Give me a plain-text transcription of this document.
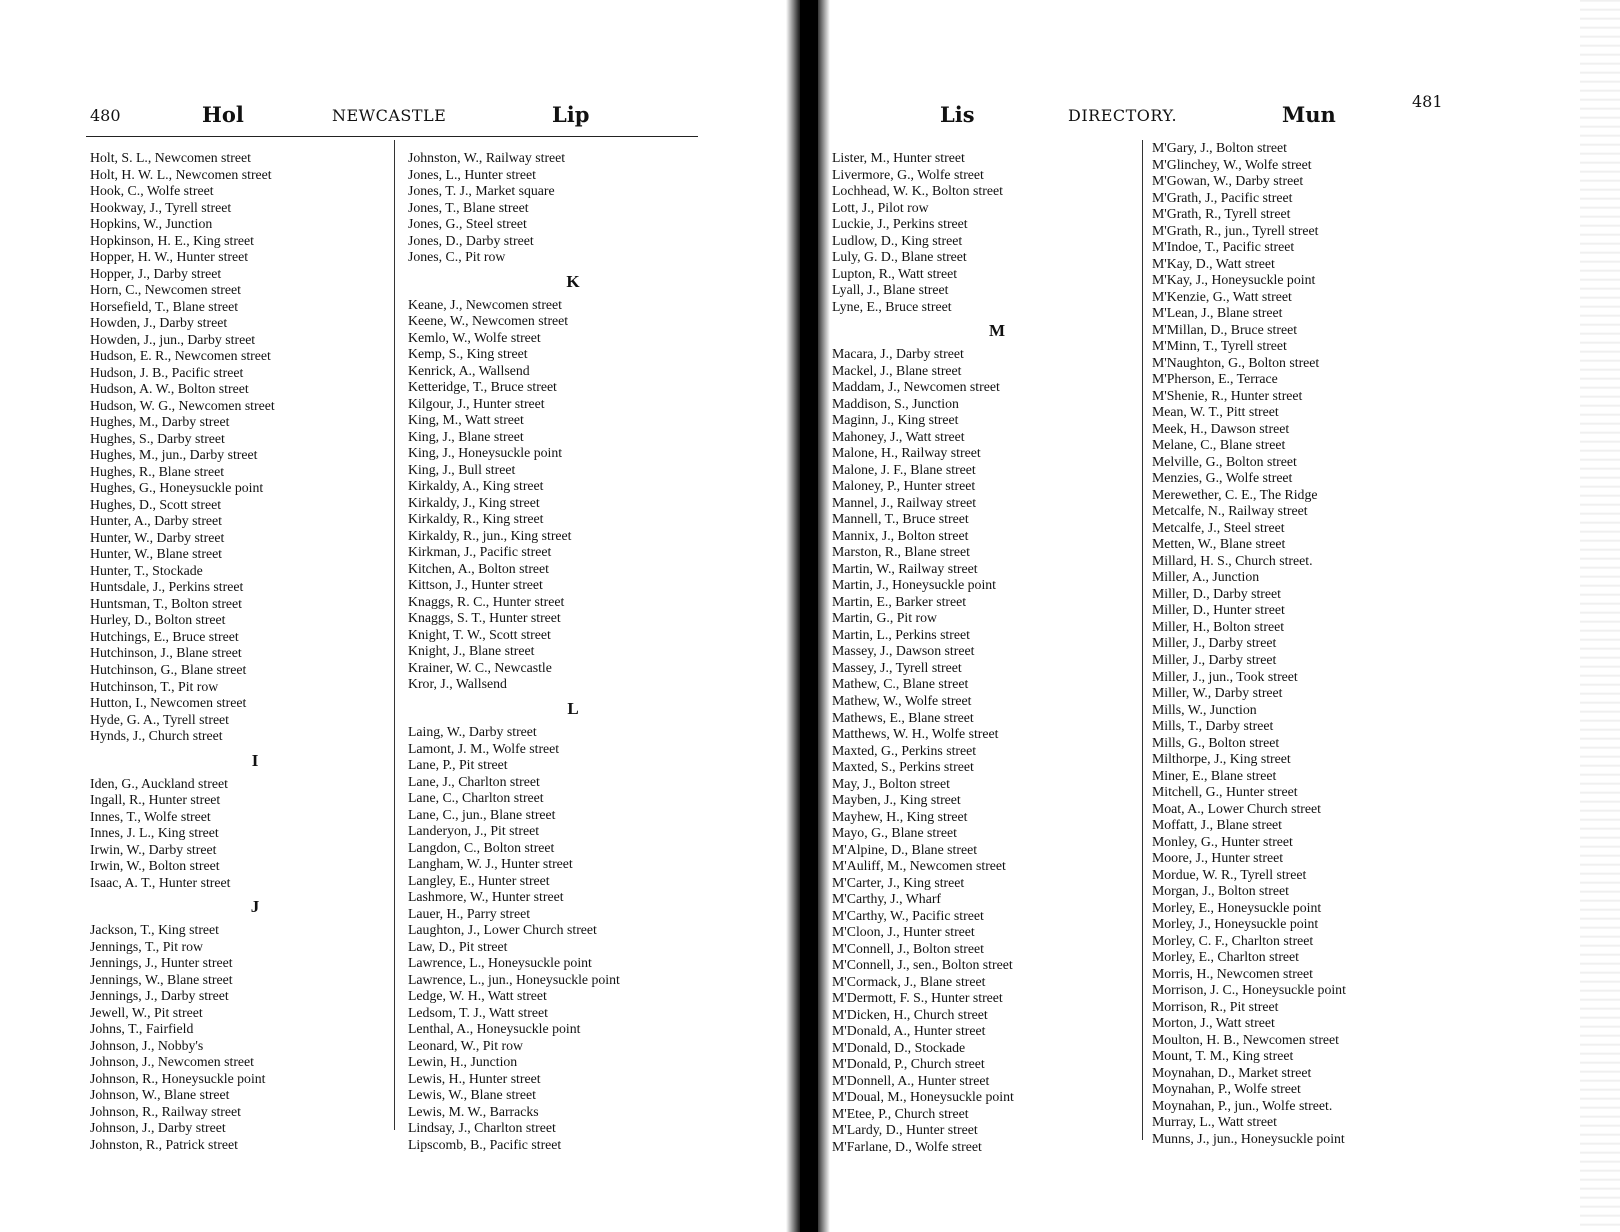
480	Hol	NEWCASTLE	Lip
Holt, S. L., Newcomen street
Holt, H. W. L., Newcomen street
Hook, C., Wolfe street
Hookway, J., Tyrell street
Hopkins, W., Junction
Hopkinson, H. E., King street
Hopper, H. W., Hunter street
Hopper, J., Darby street
Horn, C., Newcomen street
Horsefield, T., Blane street
Howden, J., Darby street
Howden, J., jun., Darby street
Hudson, E. R., Newcomen street
Hudson, J. B., Pacific street
Hudson, A. W., Bolton street
Hudson, W. G., Newcomen street
Hughes, M., Darby street
Hughes, S., Darby street
Hughes, M., jun., Darby street
Hughes, R., Blane street
Hughes, G., Honeysuckle point
Hughes, D., Scott street
Hunter, A., Darby street
Hunter, W., Darby street
Hunter, W., Blane street
Hunter, T., Stockade
Huntsdale, J., Perkins street
Huntsman, T., Bolton street
Hurley, D., Bolton street
Hutchings, E., Bruce street
Hutchinson, J., Blane street
Hutchinson, G., Blane street
Hutchinson, T., Pit row
Hutton, I., Newcomen street
Hyde, G. A., Tyrell street
Hynds, J., Church street
I
Iden, G., Auckland street
Ingall, R., Hunter street
Innes, T., Wolfe street
Innes, J. L., King street
Irwin, W., Darby street
Irwin, W., Bolton street
Isaac, A. T., Hunter street
J
Jackson, T., King street
Jennings, T., Pit row
Jennings, J., Hunter street
Jennings, W., Blane street
Jennings, J., Darby street
Jewell, W., Pit street
Johns, T., Fairfield
Johnson, J., Nobby's
Johnson, J., Newcomen street
Johnson, R., Honeysuckle point
Johnson, W., Blane street
Johnson, R., Railway street
Johnson, J., Darby street
Johnston, R., Patrick street
Johnston, W., Railway street
Jones, L., Hunter street
Jones, T. J., Market square
Jones, T., Blane street
Jones, G., Steel street
Jones, D., Darby street
Jones, C., Pit row
K
Keane, J., Newcomen street
Keene, W., Newcomen street
Kemlo, W., Wolfe street
Kemp, S., King street
Kenrick, A., Wallsend
Ketteridge, T., Bruce street
Kilgour, J., Hunter street
King, M., Watt street
King, J., Blane street
King, J., Honeysuckle point
King, J., Bull street
Kirkaldy, A., King street
Kirkaldy, J., King street
Kirkaldy, R., King street
Kirkaldy, R., jun., King street
Kirkman, J., Pacific street
Kitchen, A., Bolton street
Kittson, J., Hunter street
Knaggs, R. C., Hunter street
Knaggs, S. T., Hunter street
Knight, T. W., Scott street
Knight, J., Blane street
Krainer, W. C., Newcastle
Kror, J., Wallsend
L
Laing, W., Darby street
Lamont, J. M., Wolfe street
Lane, P., Pit street
Lane, J., Charlton street
Lane, C., Charlton street
Lane, C., jun., Blane street
Landeryon, J., Pit street
Langdon, C., Bolton street
Langham, W. J., Hunter street
Langley, E., Hunter street
Lashmore, W., Hunter street
Lauer, H., Parry street
Laughton, J., Lower Church street
Law, D., Pit street
Lawrence, L., Honeysuckle point
Lawrence, L., jun., Honeysuckle point
Ledge, W. H., Watt street
Ledsom, T. J., Watt street
Lenthal, A., Honeysuckle point
Leonard, W., Pit row
Lewin, H., Junction
Lewis, H., Hunter street
Lewis, W., Blane street
Lewis, M. W., Barracks
Lindsay, J., Charlton street
Lipscomb, B., Pacific street
Lis	DIRECTORY.	Mun
481
Lister, M., Hunter street
Livermore, G., Wolfe street
Lochhead, W. K., Bolton street
Lott, J., Pilot row
Luckie, J., Perkins street
Ludlow, D., King street
Luly, G. D., Blane street
Lupton, R., Watt street
Lyall, J., Blane street
Lyne, E., Bruce street
M
Macara, J., Darby street
Mackel, J., Blane street
Maddam, J., Newcomen street
Maddison, S., Junction
Maginn, J., King street
Mahoney, J., Watt street
Malone, H., Railway street
Malone, J. F., Blane street
Maloney, P., Hunter street
Mannel, J., Railway street
Mannell, T., Bruce street
Mannix, J., Bolton street
Marston, R., Blane street
Martin, W., Railway street
Martin, J., Honeysuckle point
Martin, E., Barker street
Martin, G., Pit row
Martin, L., Perkins street
Massey, J., Dawson street
Massey, J., Tyrell street
Mathew, C., Blane street
Mathew, W., Wolfe street
Mathews, E., Blane street
Matthews, W. H., Wolfe street
Maxted, G., Perkins street
Maxted, S., Perkins street
May, J., Bolton street
Mayben, J., King street
Mayhew, H., King street
Mayo, G., Blane street
M'Alpine, D., Blane street
M'Auliff, M., Newcomen street
M'Carter, J., King street
M'Carthy, J., Wharf
M'Carthy, W., Pacific street
M'Cloon, J., Hunter street
M'Connell, J., Bolton street
M'Connell, J., sen., Bolton street
M'Cormack, J., Blane street
M'Dermott, F. S., Hunter street
M'Dicken, H., Church street
M'Donald, A., Hunter street
M'Donald, D., Stockade
M'Donald, P., Church street
M'Donnell, A., Hunter street
M'Doual, M., Honeysuckle point
M'Etee, P., Church street
M'Lardy, D., Hunter street
M'Farlane, D., Wolfe street
M'Gary, J., Bolton street
M'Glinchey, W., Wolfe street
M'Gowan, W., Darby street
M'Grath, J., Pacific street
M'Grath, R., Tyrell street
M'Grath, R., jun., Tyrell street
M'Indoe, T., Pacific street
M'Kay, D., Watt street
M'Kay, J., Honeysuckle point
M'Kenzie, G., Watt street
M'Lean, J., Blane street
M'Millan, D., Bruce street
M'Minn, T., Tyrell street
M'Naughton, G., Bolton street
M'Pherson, E., Terrace
M'Shenie, R., Hunter street
Mean, W. T., Pitt street
Meek, H., Dawson street
Melane, C., Blane street
Melville, G., Bolton street
Menzies, G., Wolfe street
Merewether, C. E., The Ridge
Metcalfe, N., Railway street
Metcalfe, J., Steel street
Metten, W., Blane street
Millard, H. S., Church street.
Miller, A., Junction
Miller, D., Darby street
Miller, D., Hunter street
Miller, H., Bolton street
Miller, J., Darby street
Miller, J., Darby street
Miller, J., jun., Took street
Miller, W., Darby street
Mills, W., Junction
Mills, T., Darby street
Mills, G., Bolton street
Milthorpe, J., King street
Miner, E., Blane street
Mitchell, G., Hunter street
Moat, A., Lower Church street
Moffatt, J., Blane street
Monley, G., Hunter street
Moore, J., Hunter street
Mordue, W. R., Tyrell street
Morgan, J., Bolton street
Morley, E., Honeysuckle point
Morley, J., Honeysuckle point
Morley, C. F., Charlton street
Morley, E., Charlton street
Morris, H., Newcomen street
Morrison, J. C., Honeysuckle point
Morrison, R., Pit street
Morton, J., Watt street
Moulton, H. B., Newcomen street
Mount, T. M., King street
Moynahan, D., Market street
Moynahan, P., Wolfe street
Moynahan, P., jun., Wolfe street.
Murray, L., Watt street
Munns, J., jun., Honeysuckle point
